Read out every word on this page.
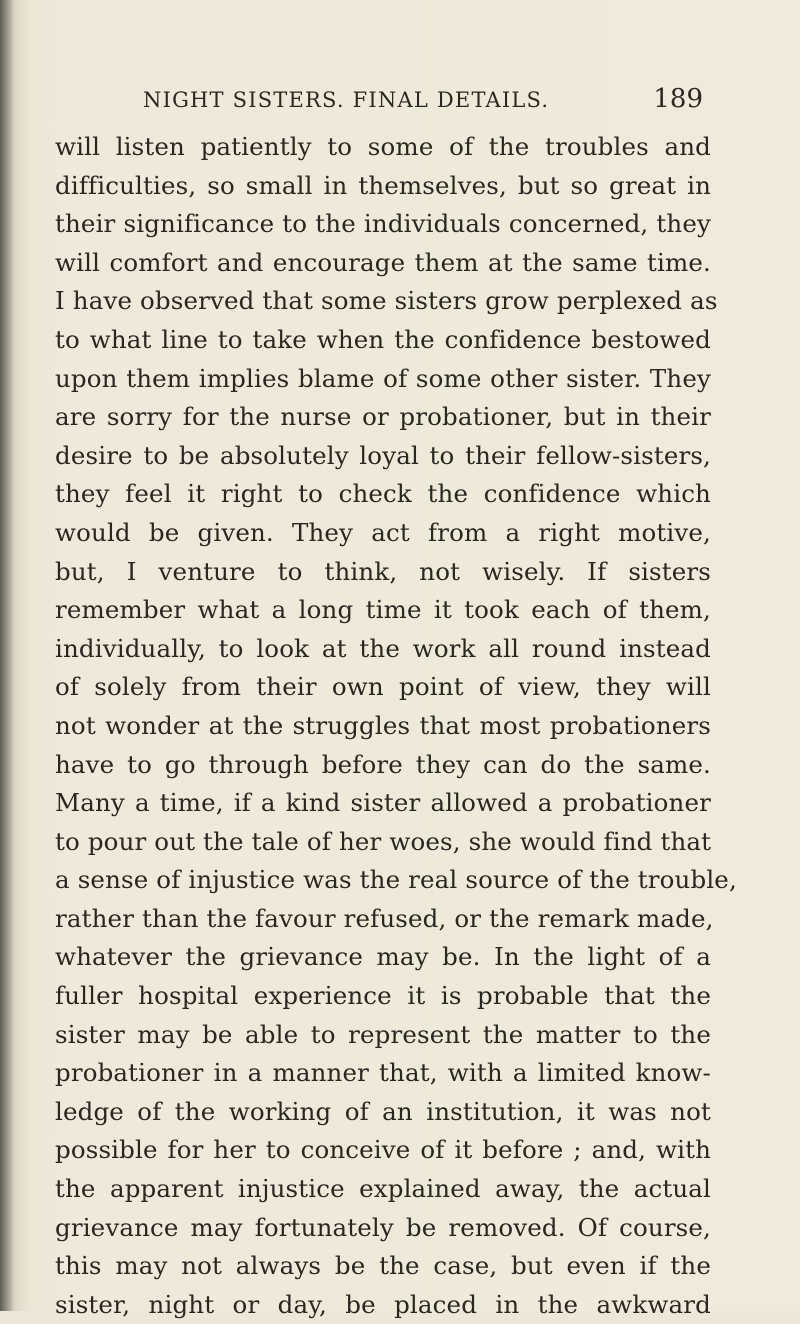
NIGHT SISTERS. FINAL DETAILS.	189
will listen patiently to some of the troubles and
difficulties, so small in themselves, but so great in
their significance to the individuals concerned, they
will comfort and encourage them at the same time.
I have observed that some sisters grow perplexed as
to what line to take when the confidence bestowed
upon them implies blame of some other sister. They
are sorry for the nurse or probationer, but in their
desire to be absolutely loyal to their fellow-sisters,
they feel it right to check the confidence which
would be given. They act from a right motive,
but, I venture to think, not wisely. If sisters
remember what a long time it took each of them,
individually, to look at the work all round instead
of solely from their own point of view, they will
not wonder at the struggles that most probationers
have to go through before they can do the same.
Many a time, if a kind sister allowed a probationer
to pour out the tale of her woes, she would find that
a sense of injustice was the real source of the trouble,
rather than the favour refused, or the remark made,
whatever the grievance may be. In the light of a
fuller hospital experience it is probable that the
sister may be able to represent the matter to the
probationer in a manner that, with a limited know-
ledge of the working of an institution, it was not
possible for her to conceive of it before ; and, with
the apparent injustice explained away, the actual
grievance may fortunately be removed. Of course,
this may not always be the case, but even if the
sister, night or day, be placed in the awkward
